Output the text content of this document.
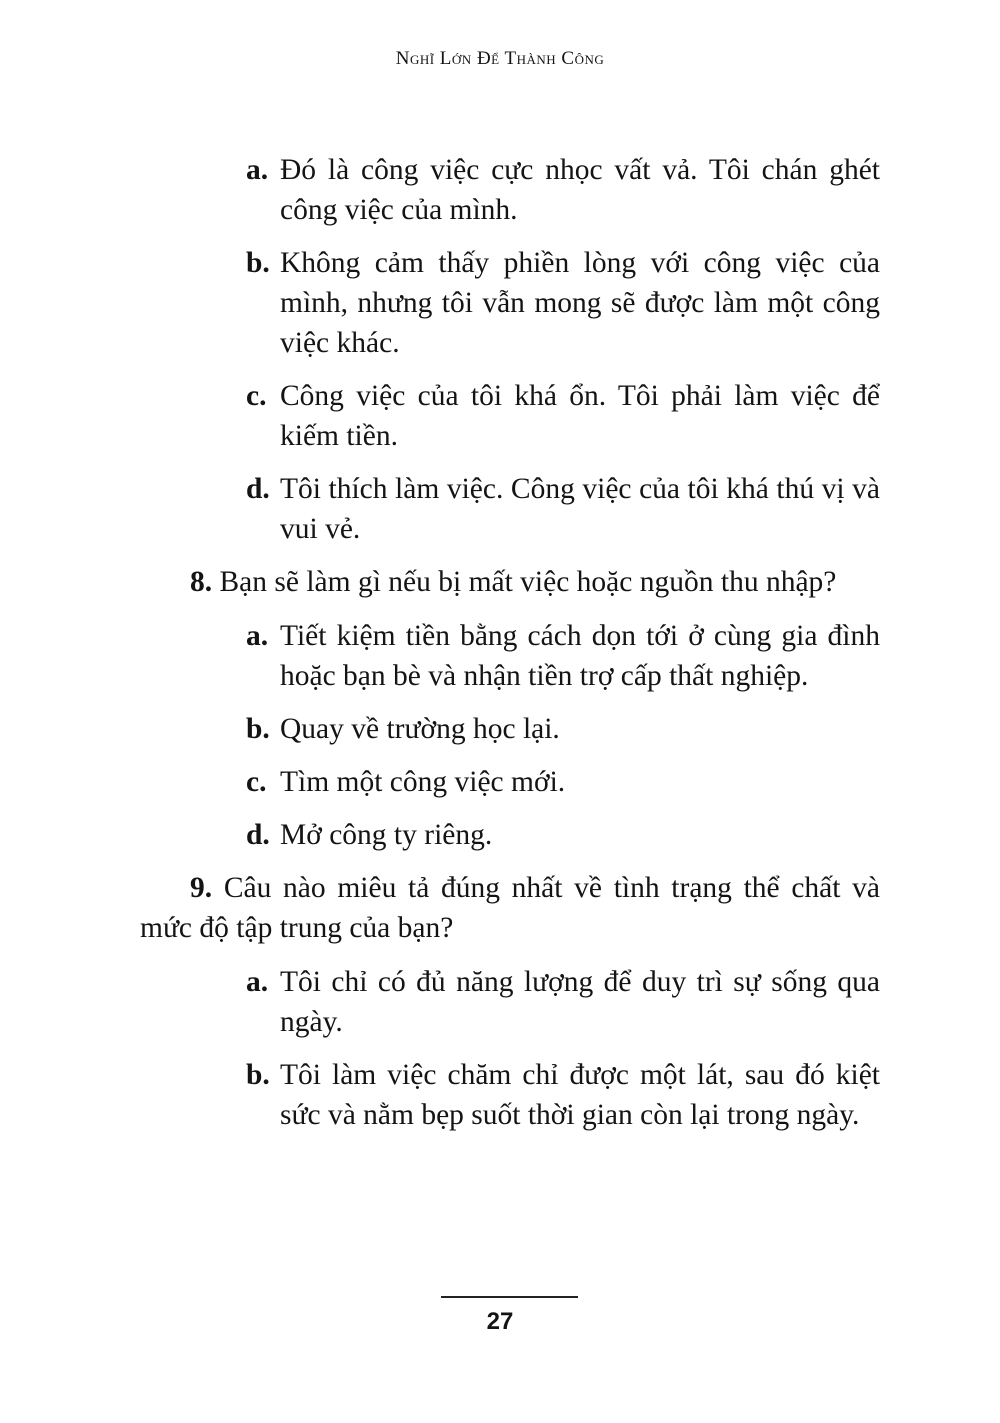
Nghĩ Lớn Để Thành Công
a. Đó là công việc cực nhọc vất vả. Tôi chán ghét công việc của mình.
b. Không cảm thấy phiền lòng với công việc của mình, nhưng tôi vẫn mong sẽ được làm một công việc khác.
c. Công việc của tôi khá ổn. Tôi phải làm việc để kiếm tiền.
d. Tôi thích làm việc. Công việc của tôi khá thú vị và vui vẻ.

8. Bạn sẽ làm gì nếu bị mất việc hoặc nguồn thu nhập?

a. Tiết kiệm tiền bằng cách dọn tới ở cùng gia đình hoặc bạn bè và nhận tiền trợ cấp thất nghiệp.
b. Quay về trường học lại.
c. Tìm một công việc mới.
d. Mở công ty riêng.

9. Câu nào miêu tả đúng nhất về tình trạng thể chất và mức độ tập trung của bạn?

a. Tôi chỉ có đủ năng lượng để duy trì sự sống qua ngày.
b. Tôi làm việc chăm chỉ được một lát, sau đó kiệt sức và nằm bẹp suốt thời gian còn lại trong ngày.
27
